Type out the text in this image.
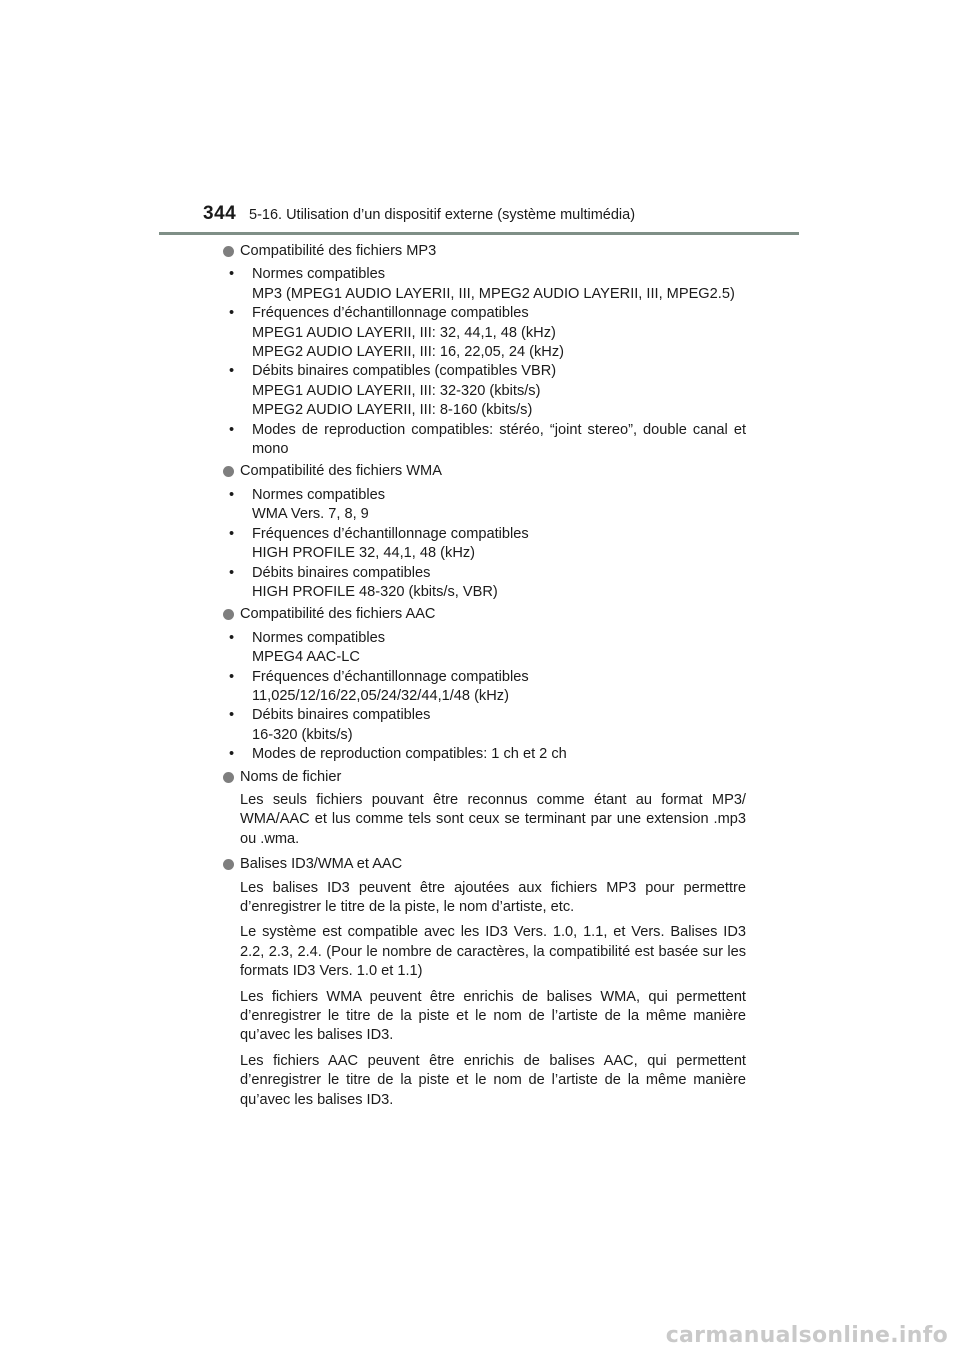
344 5-16. Utilisation d’un dispositif externe (système multimédia)
Compatibilité des fichiers MP3
•	Normes compatibles
MP3 (MPEG1 AUDIO LAYERII, III, MPEG2 AUDIO LAYERII, III, MPEG2.5)
•	Fréquences d’échantillonnage compatibles
MPEG1 AUDIO LAYERII, III: 32, 44,1, 48 (kHz)
MPEG2 AUDIO LAYERII, III: 16, 22,05, 24 (kHz)
•	Débits binaires compatibles (compatibles VBR)
MPEG1 AUDIO LAYERII, III: 32-320 (kbits/s)
MPEG2 AUDIO LAYERII, III: 8-160 (kbits/s)
•	Modes de reproduction compatibles: stéréo, “joint stereo”, double canal et mono
Compatibilité des fichiers WMA
•	Normes compatibles
WMA Vers. 7, 8, 9
•	Fréquences d’échantillonnage compatibles
HIGH PROFILE 32, 44,1, 48 (kHz)
•	Débits binaires compatibles
HIGH PROFILE 48-320 (kbits/s, VBR)
Compatibilité des fichiers AAC
•	Normes compatibles
MPEG4 AAC-LC
•	Fréquences d’échantillonnage compatibles
11,025/12/16/22,05/24/32/44,1/48 (kHz)
•	Débits binaires compatibles
16-320 (kbits/s)
•	Modes de reproduction compatibles: 1 ch et 2 ch
Noms de fichier

Les seuls fichiers pouvant être reconnus comme étant au format MP3/ WMA/AAC et lus comme tels sont ceux se terminant par une extension .mp3 ou .wma.

Balises ID3/WMA et AAC

Les balises ID3 peuvent être ajoutées aux fichiers MP3 pour permettre d’enregistrer le titre de la piste, le nom d’artiste, etc.

Le système est compatible avec les ID3 Vers. 1.0, 1.1, et Vers. Balises ID3 2.2, 2.3, 2.4. (Pour le nombre de caractères, la compatibilité est basée sur les formats ID3 Vers. 1.0 et 1.1)

Les fichiers WMA peuvent être enrichis de balises WMA, qui permettent d’enregistrer le titre de la piste et le nom de l’artiste de la même manière qu’avec les balises ID3.

Les fichiers AAC peuvent être enrichis de balises AAC, qui permettent d’enregistrer le titre de la piste et le nom de l’artiste de la même manière qu’avec les balises ID3.

carmanualsonline.info
